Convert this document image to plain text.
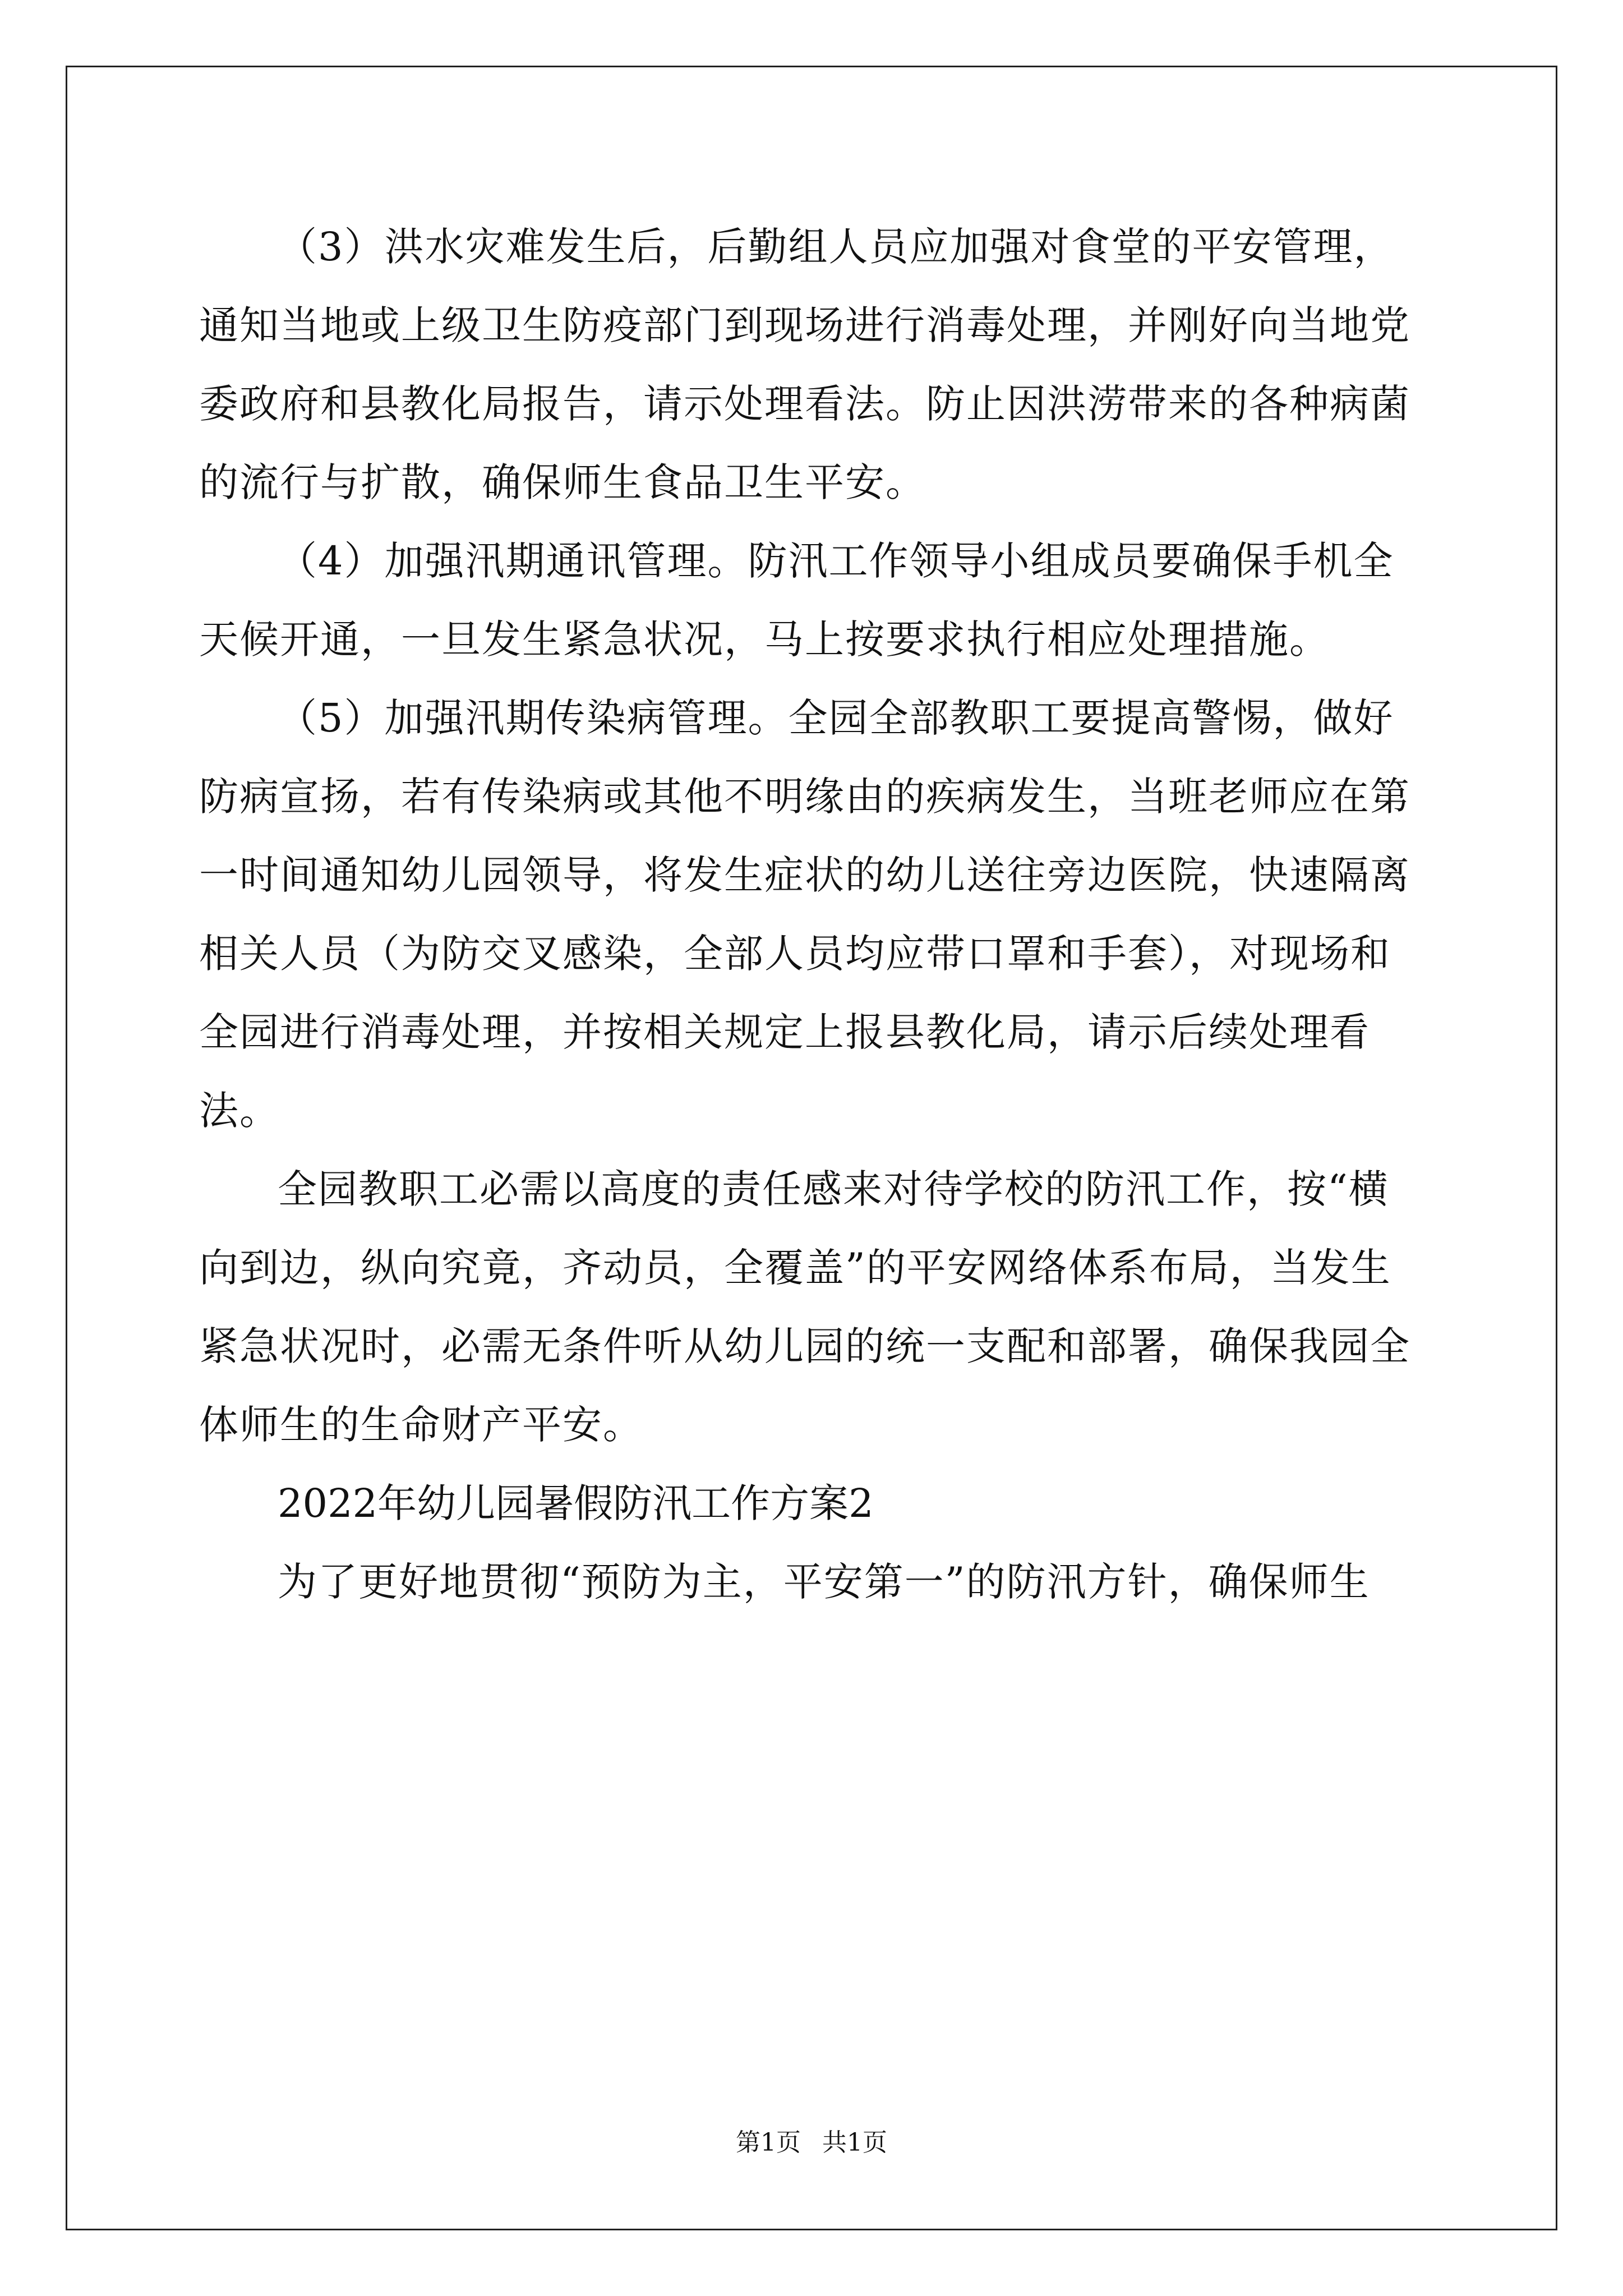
（3）洪水灾难发生后，后勤组人员应加强对食堂的平安管理，通知当地或上级卫生防疫部门到现场进行消毒处理，并刚好向当地党委政府和县教化局报告，请示处理看法。防止因洪涝带来的各种病菌的流行与扩散，确保师生食品卫生平安。

（4）加强汛期通讯管理。防汛工作领导小组成员要确保手机全天候开通，一旦发生紧急状况，马上按要求执行相应处理措施。

（5）加强汛期传染病管理。全园全部教职工要提高警惕，做好防病宣扬，若有传染病或其他不明缘由的疾病发生，当班老师应在第一时间通知幼儿园领导，将发生症状的幼儿送往旁边医院，快速隔离相关人员（为防交叉感染，全部人员均应带口罩和手套），对现场和全园进行消毒处理，并按相关规定上报县教化局，请示后续处理看法。

全园教职工必需以高度的责任感来对待学校的防汛工作，按“横向到边，纵向究竟，齐动员，全覆盖”的平安网络体系布局，当发生紧急状况时，必需无条件听从幼儿园的统一支配和部署，确保我园全体师生的生命财产平安。

2022年幼儿园暑假防汛工作方案2

为了更好地贯彻“预防为主，平安第一”的防汛方针，确保师生

第1页 共1页
